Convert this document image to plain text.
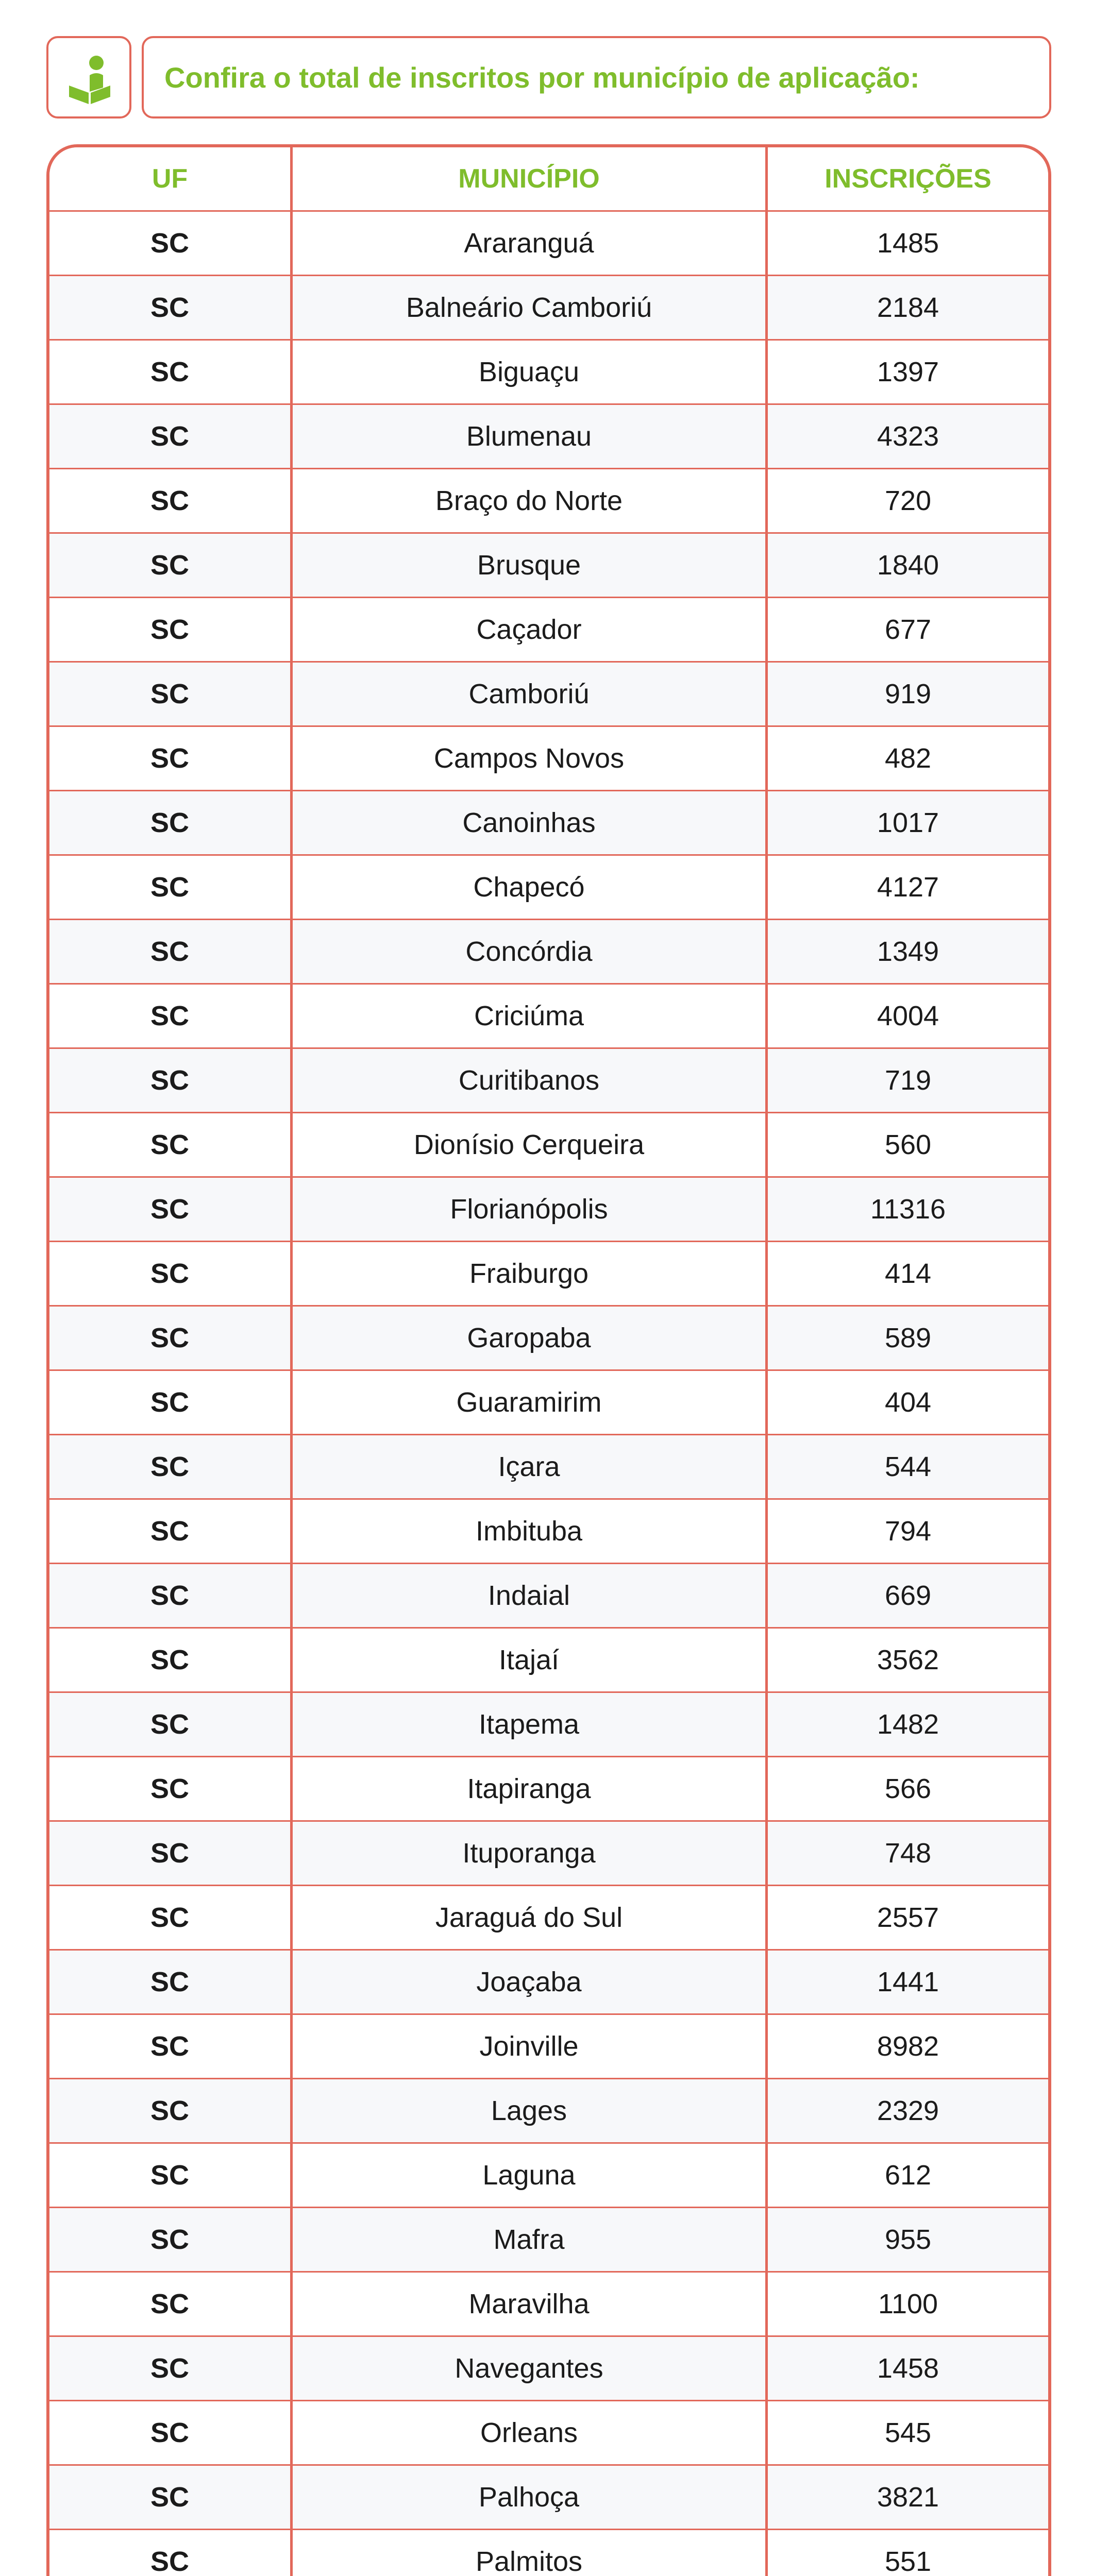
Confira o total de inscritos por município de aplicação:
UF	MUNICÍPIO	INSCRIÇÕES
SC	Araranguá	1485
SC	Balneário Camboriú	2184
SC	Biguaçu	1397
SC	Blumenau	4323
SC	Braço do Norte	720
SC	Brusque	1840
SC	Caçador	677
SC	Camboriú	919
SC	Campos Novos	482
SC	Canoinhas	1017
SC	Chapecó	4127
SC	Concórdia	1349
SC	Criciúma	4004
SC	Curitibanos	719
SC	Dionísio Cerqueira	560
SC	Florianópolis	11316
SC	Fraiburgo	414
SC	Garopaba	589
SC	Guaramirim	404
SC	Içara	544
SC	Imbituba	794
SC	Indaial	669
SC	Itajaí	3562
SC	Itapema	1482
SC	Itapiranga	566
SC	Ituporanga	748
SC	Jaraguá do Sul	2557
SC	Joaçaba	1441
SC	Joinville	8982
SC	Lages	2329
SC	Laguna	612
SC	Mafra	955
SC	Maravilha	1100
SC	Navegantes	1458
SC	Orleans	545
SC	Palhoça	3821
SC	Palmitos	551
